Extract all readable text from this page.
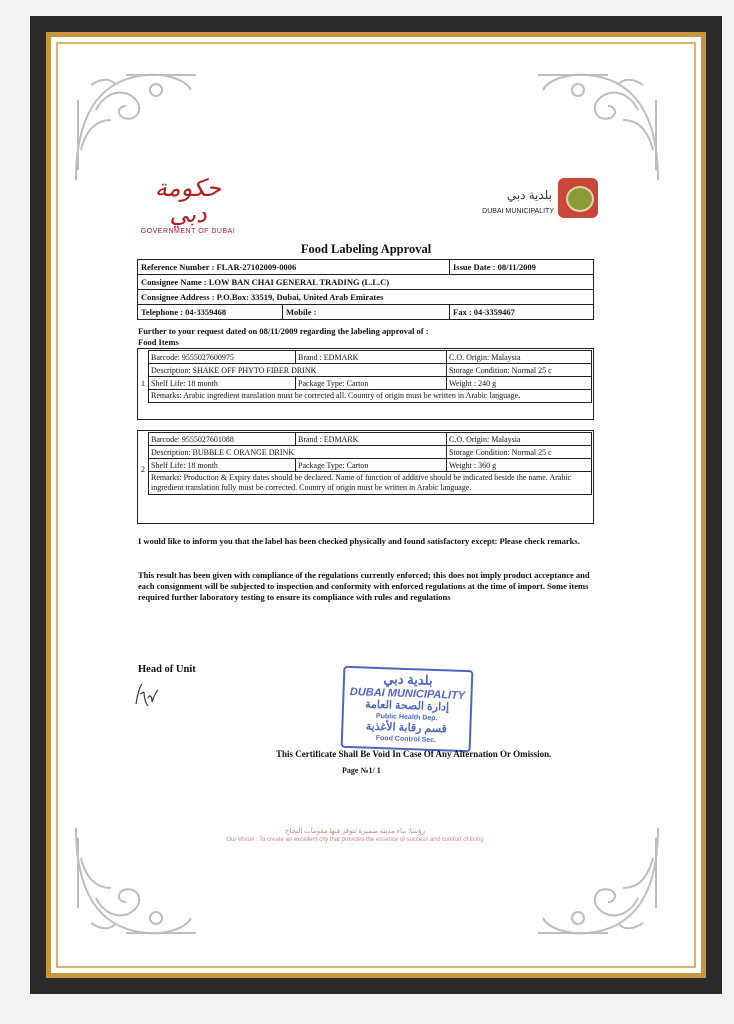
حكومة دبي
GOVERNMENT OF DUBAI
بلدية دبي
DUBAI MUNICIPALITY
Food Labeling Approval
Reference Number : FLAR-27102009-0006		Issue Date : 08/11/2009
Consignee Name : LOW BAN CHAI GENERAL TRADING (L.L.C)		
Consignee Address : P.O.Box: 33519, Dubai, United Arab Emirates		
Telephone : 04-3359468	Mobile :	Fax : 04-3359467
Further to your request dated on 08/11/2009 regarding the labeling approval of :
Food Items
1
Barcode: 9555027600975	Brand : EDMARK	C.O. Origin: Malaysia
Description: SHAKE OFF PHYTO FIBER DRINK		Storage Condition: Normal 25 c
Shelf Life: 18 month	Package Type: Carton	Weight : 240 g
Remarks: Arabic ingredient translation must be corrected all. Country of origin must be written in Arabic language.		
2
Barcode: 9555027601088	Brand : EDMARK	C.O. Origin: Malaysia
Description: BUBBLE C ORANGE DRINK		Storage Condition: Normal 25 c
Shelf Life: 18 month	Package Type: Carton	Weight : 360 g
Remarks: Production & Expiry dates should be declared. Name of function of additive should be indicated beside the name. Arabic ingredient translation fully must be corrected. Country of origin must be written in Arabic language.		
I would like to inform you that the label has been checked physically and found satisfactory except: Please check remarks.
This result has been given with compliance of the regulations currently enforced; this does not imply product acceptance and each consignment will be subjected to inspection and conformity with enforced regulations at the time of import. Some items required further laboratory testing to ensure its compliance with rules and regulations
Head of Unit
بلدية دبي
DUBAI MUNICIPALITY
إدارة الصحة العامة
Public Health Dep.
قسم رقابة الأغذية
Food Control Sec.
This Certificate Shall Be Void In Case Of Any Alternation Or Omission.
Page №1/ 1
رؤيتنا: بناء مدينة متميزة تتوفر فيها مقومات النجاح
Our Vision : To create an excellent city that provides the essence of success and comfort of living
